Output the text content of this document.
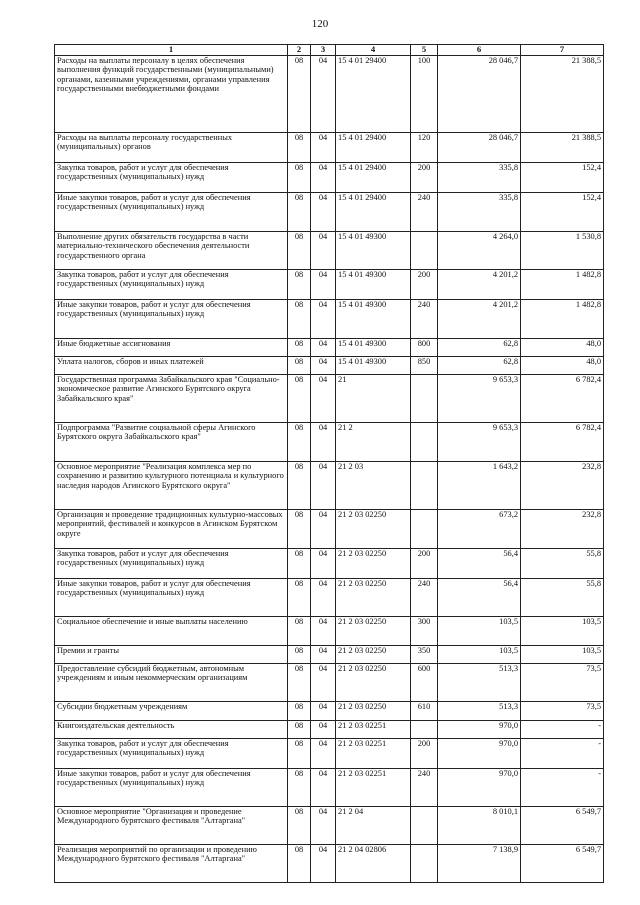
120
1	2	3	4	5	6	7
Расходы на выплаты персоналу в целях обеспечения выполнения функций государственными (муниципальными) органами, казенными учреждениями, органами управления государственными внебюджетными фондами	08	04	15 4 01 29400	100	28 046,7	21 388,5
Расходы на выплаты персоналу государственных (муниципальных) органов	08	04	15 4 01 29400	120	28 046,7	21 388,5
Закупка товаров, работ и услуг для обеспечения государственных (муниципальных) нужд	08	04	15 4 01 29400	200	335,8	152,4
Иные закупки товаров, работ и услуг для обеспечения государственных (муниципальных) нужд	08	04	15 4 01 29400	240	335,8	152,4
Выполнение других обязательств государства в части материально-технического обеспечения деятельности государственного органа	08	04	15 4 01 49300		4 264,0	1 530,8
Закупка товаров, работ и услуг для обеспечения государственных (муниципальных) нужд	08	04	15 4 01 49300	200	4 201,2	1 482,8
Иные закупки товаров, работ и услуг для обеспечения государственных (муниципальных) нужд	08	04	15 4 01 49300	240	4 201,2	1 482,8
Иные бюджетные ассигнования	08	04	15 4 01 49300	800	62,8	48,0
Уплата налогов, сборов и иных платежей	08	04	15 4 01 49300	850	62,8	48,0
Государственная программа Забайкальского края "Социально-экономическое развитие Агинского Бурятского округа Забайкальского края"	08	04	21		9 653,3	6 782,4
Подпрограмма "Развитие социальной сферы Агинского Бурятского округа Забайкальского края"	08	04	21 2		9 653,3	6 782,4
Основное мероприятие "Реализация комплекса мер по сохранению и развитию культурного потенциала и культурного наследия народов Агинского Бурятского округа"	08	04	21 2 03		1 643,2	232,8
Организация и проведение традиционных культурно-массовых мероприятий, фестивалей и конкурсов в Агинском Бурятском округе	08	04	21 2 03 02250		673,2	232,8
Закупка товаров, работ и услуг для обеспечения государственных (муниципальных) нужд	08	04	21 2 03 02250	200	56,4	55,8
Иные закупки товаров, работ и услуг для обеспечения государственных (муниципальных) нужд	08	04	21 2 03 02250	240	56,4	55,8
Социальное обеспечение и иные выплаты населению	08	04	21 2 03 02250	300	103,5	103,5
Премии и гранты	08	04	21 2 03 02250	350	103,5	103,5
Предоставление субсидий бюджетным, автономным учреждениям и иным некоммерческим организациям	08	04	21 2 03 02250	600	513,3	73,5
Субсидии бюджетным учреждениям	08	04	21 2 03 02250	610	513,3	73,5
Книгоиздательская деятельность	08	04	21 2 03 02251		970,0	-
Закупка товаров, работ и услуг для обеспечения государственных (муниципальных) нужд	08	04	21 2 03 02251	200	970,0	-
Иные закупки товаров, работ и услуг для обеспечения государственных (муниципальных) нужд	08	04	21 2 03 02251	240	970,0	-
Основное мероприятие "Организация и проведение Международного бурятского фестиваля "Алтаргана"	08	04	21 2 04		8 010,1	6 549,7
Реализация мероприятий по организации и проведению Международного бурятского фестиваля "Алтаргана"	08	04	21 2 04 02806		7 138,9	6 549,7
